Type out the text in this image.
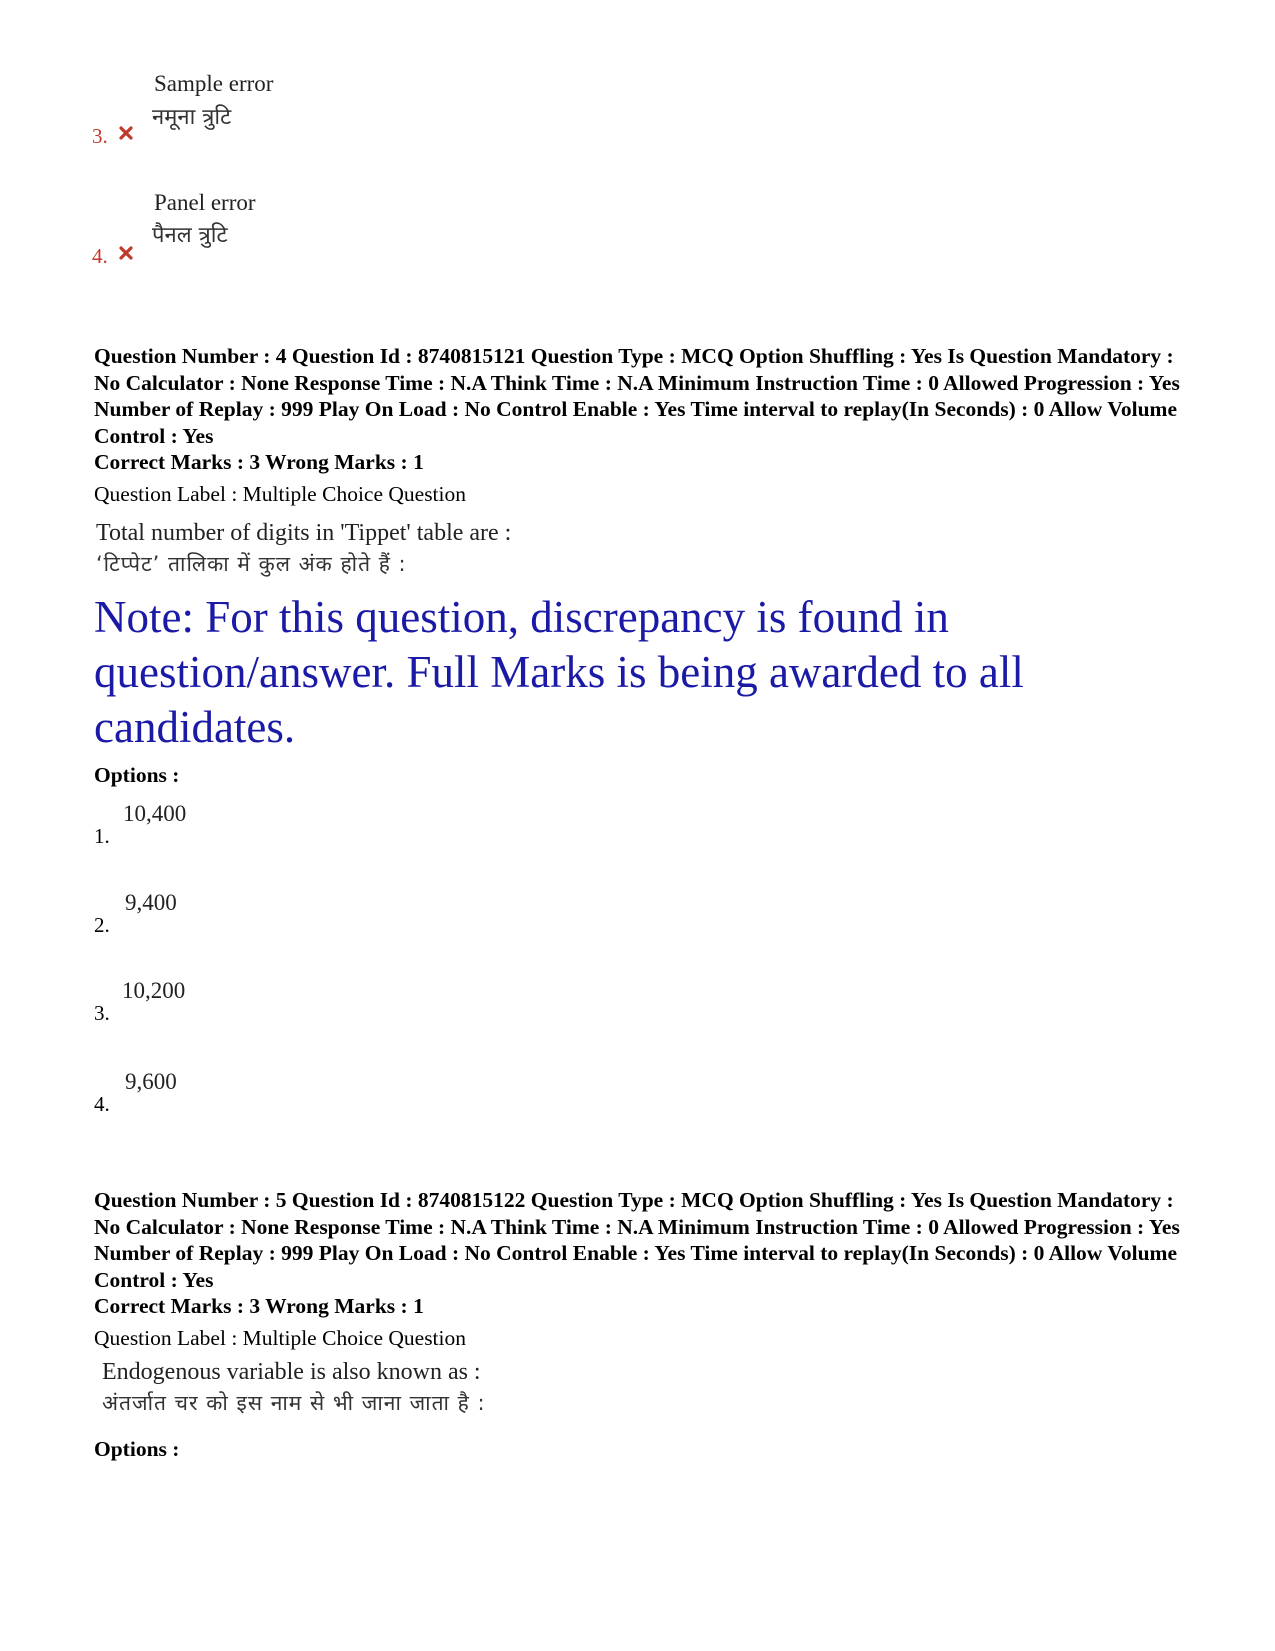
Sample error
नमूना त्रुटि
3.
Panel error
पैनल त्रुटि
4.
Question Number : 4 Question Id : 8740815121 Question Type : MCQ Option Shuffling : Yes Is Question Mandatory : No Calculator : None Response Time : N.A Think Time : N.A Minimum Instruction Time : 0 Allowed Progression : Yes Number of Replay : 999 Play On Load : No Control Enable : Yes Time interval to replay(In Seconds) : 0 Allow Volume Control : Yes
Correct Marks : 3 Wrong Marks : 1
Question Label : Multiple Choice Question
Total number of digits in 'Tippet' table are :
‘टिप्पेट’ तालिका में कुल अंक होते हैं :
Note: For this question, discrepancy is found in question/answer. Full Marks is being awarded to all candidates.
Options :
10,400
1.
9,400
2.
10,200
3.
9,600
4.
Question Number : 5 Question Id : 8740815122 Question Type : MCQ Option Shuffling : Yes Is Question Mandatory : No Calculator : None Response Time : N.A Think Time : N.A Minimum Instruction Time : 0 Allowed Progression : Yes Number of Replay : 999 Play On Load : No Control Enable : Yes Time interval to replay(In Seconds) : 0 Allow Volume Control : Yes
Correct Marks : 3 Wrong Marks : 1
Question Label : Multiple Choice Question
Endogenous variable is also known as :
अंतर्जात चर को इस नाम से भी जाना जाता है :
Options :
